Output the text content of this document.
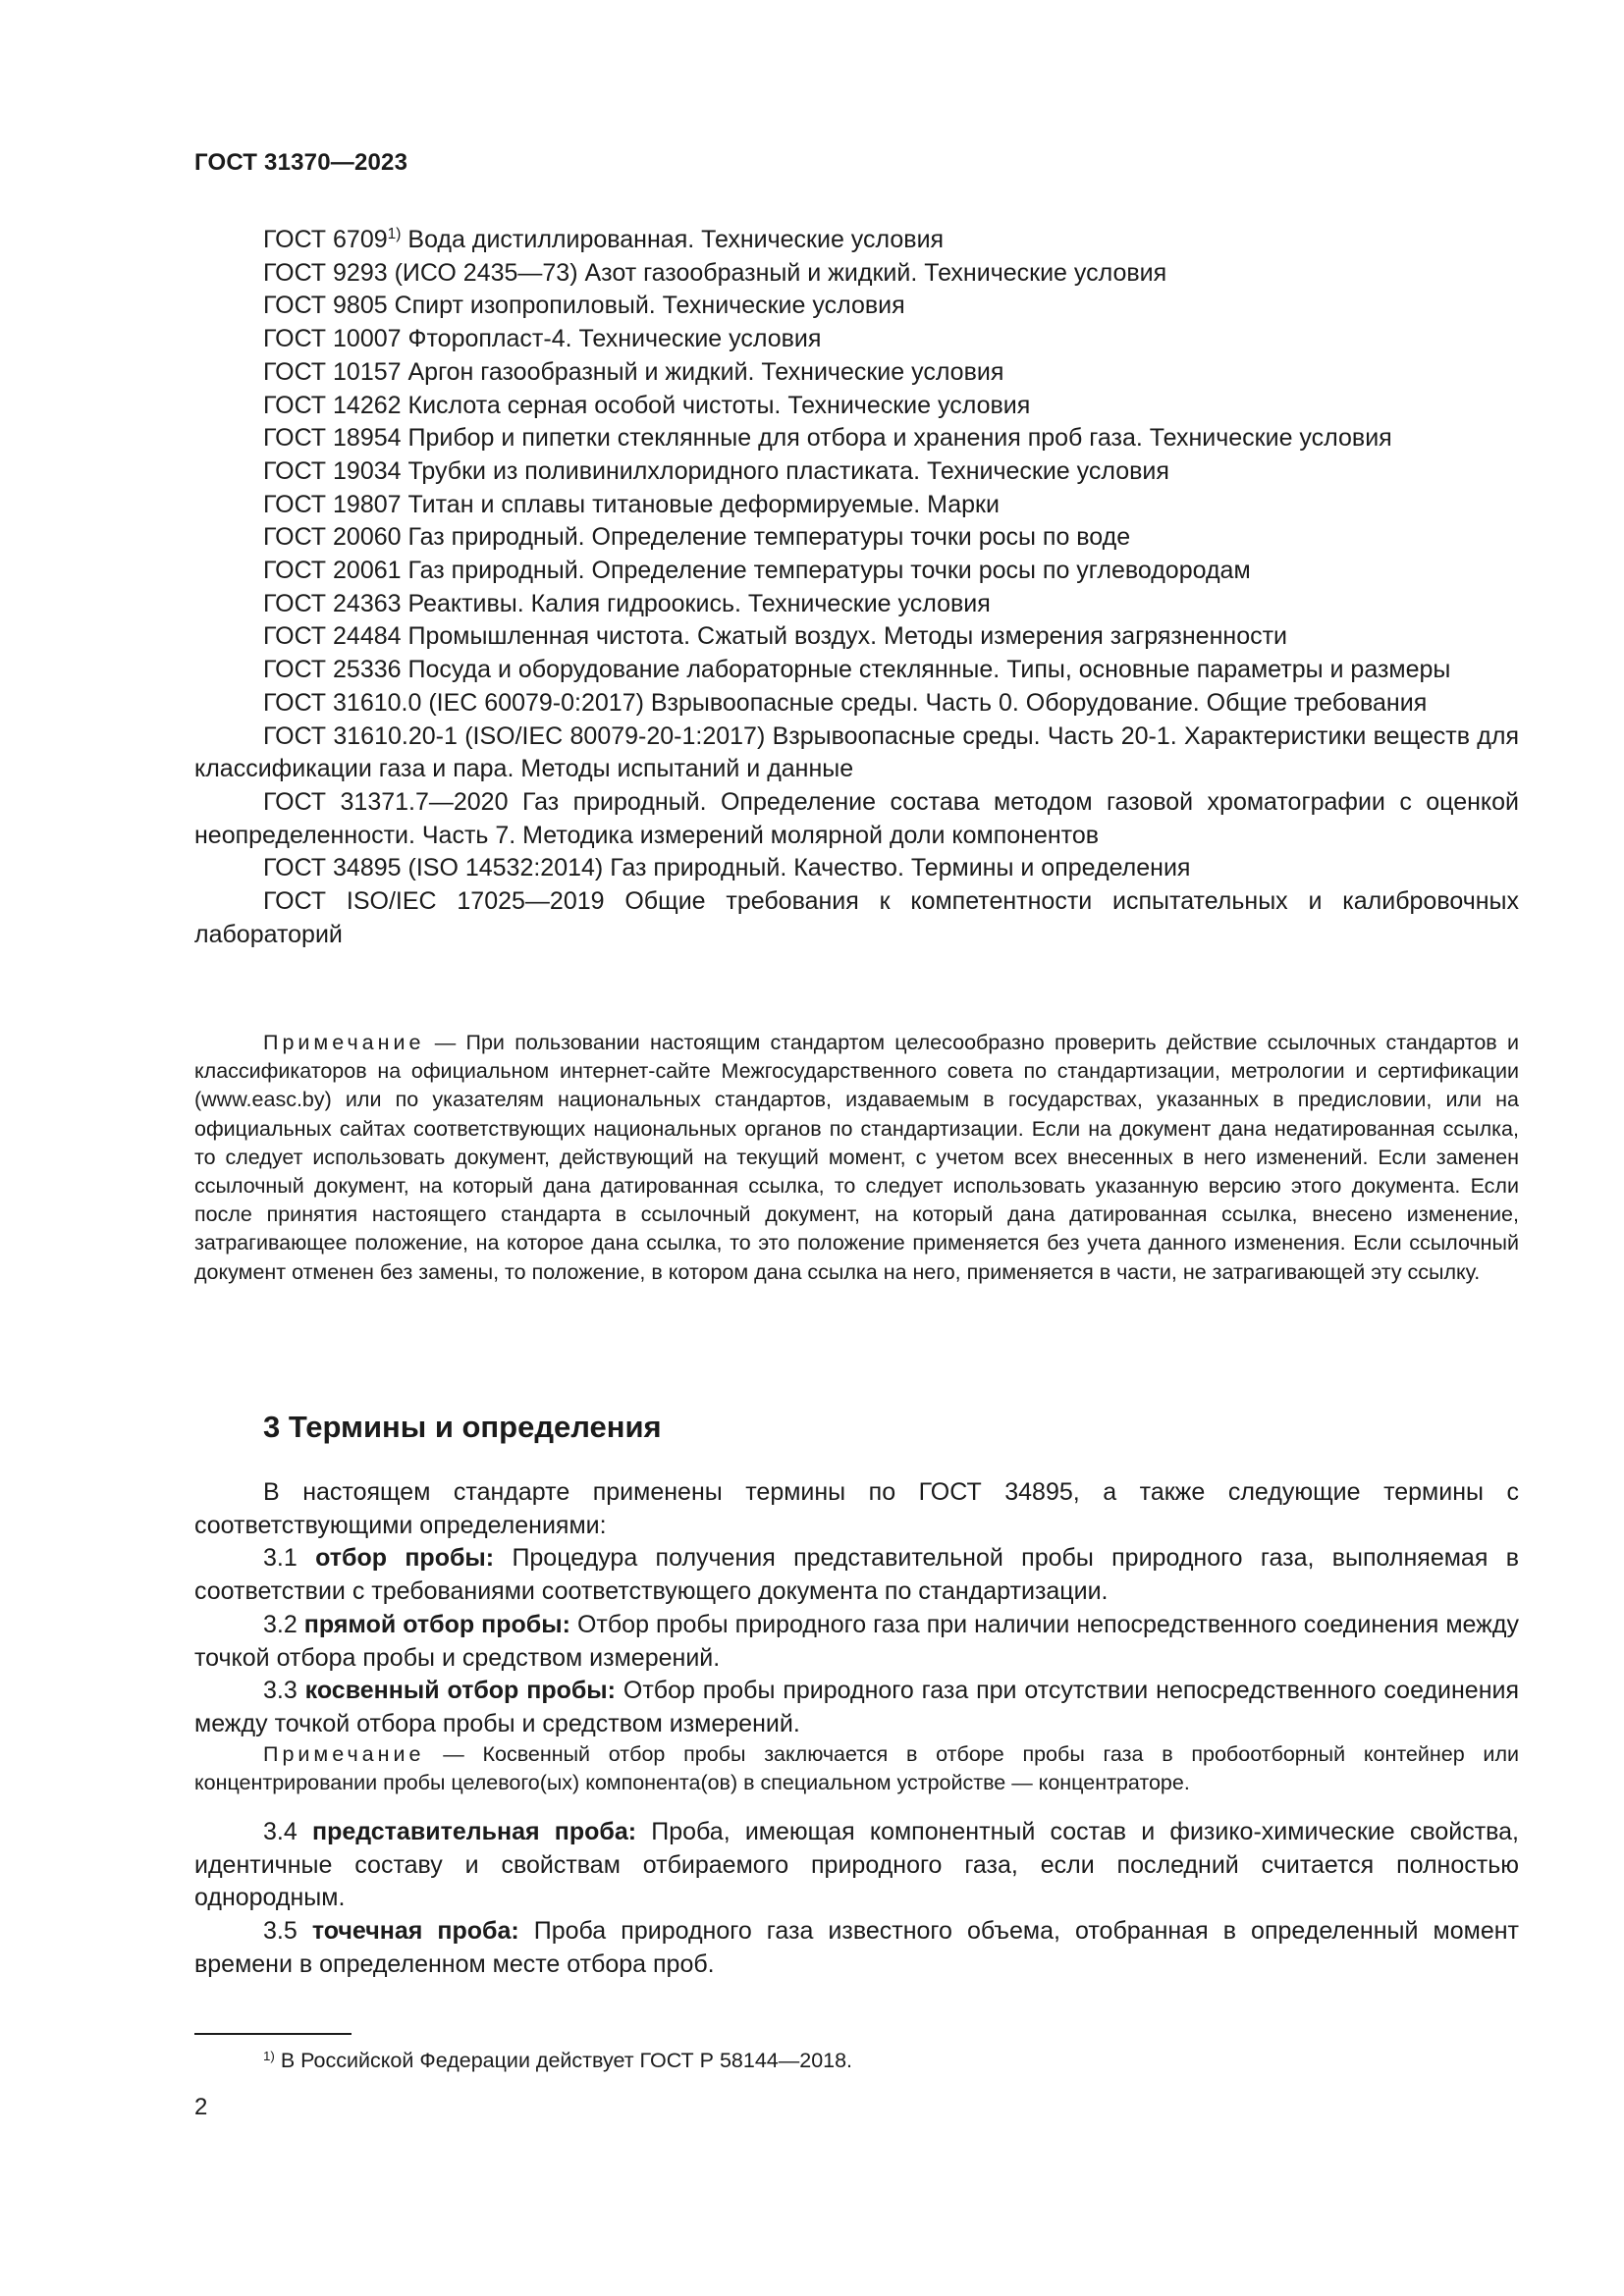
ГОСТ 31370—2023

ГОСТ 6709$^{1)}$ Вода дистиллированная. Технические условия

ГОСТ 9293 (ИСО 2435—73) Азот газообразный и жидкий. Технические условия

ГОСТ 9805 Спирт изопропиловый. Технические условия

ГОСТ 10007 Фторопласт-4. Технические условия

ГОСТ 10157 Аргон газообразный и жидкий. Технические условия

ГОСТ 14262 Кислота серная особой чистоты. Технические условия

ГОСТ 18954 Прибор и пипетки стеклянные для отбора и хранения проб газа. Технические условия

ГОСТ 19034 Трубки из поливинилхлоридного пластиката. Технические условия

ГОСТ 19807 Титан и сплавы титановые деформируемые. Марки

ГОСТ 20060 Газ природный. Определение температуры точки росы по воде

ГОСТ 20061 Газ природный. Определение температуры точки росы по углеводородам

ГОСТ 24363 Реактивы. Калия гидроокись. Технические условия

ГОСТ 24484 Промышленная чистота. Сжатый воздух. Методы измерения загрязненности

ГОСТ 25336 Посуда и оборудование лабораторные стеклянные. Типы, основные параметры и размеры

ГОСТ 31610.0 (IEC 60079-0:2017) Взрывоопасные среды. Часть 0. Оборудование. Общие требования

ГОСТ 31610.20-1 (ISO/IEC 80079-20-1:2017) Взрывоопасные среды. Часть 20-1. Характеристики веществ для классификации газа и пара. Методы испытаний и данные

ГОСТ 31371.7—2020 Газ природный. Определение состава методом газовой хроматографии с оценкой неопределенности. Часть 7. Методика измерений молярной доли компонентов

ГОСТ 34895 (ISO 14532:2014) Газ природный. Качество. Термины и определения

ГОСТ ISO/IEC 17025—2019 Общие требования к компетентности испытательных и калибровочных лабораторий

Примечание — При пользовании настоящим стандартом целесообразно проверить действие ссылочных стандартов и классификаторов на официальном интернет-сайте Межгосударственного совета по стандартизации, метрологии и сертификации (www.easc.by) или по указателям национальных стандартов, издаваемым в государствах, указанных в предисловии, или на официальных сайтах соответствующих национальных органов по стандартизации. Если на документ дана недатированная ссылка, то следует использовать документ, действующий на текущий момент, с учетом всех внесенных в него изменений. Если заменен ссылочный документ, на который дана датированная ссылка, то следует использовать указанную версию этого документа. Если после принятия настоящего стандарта в ссылочный документ, на который дана датированная ссылка, внесено изменение, затрагивающее положение, на которое дана ссылка, то это положение применяется без учета данного изменения. Если ссылочный документ отменен без замены, то положение, в котором дана ссылка на него, применяется в части, не затрагивающей эту ссылку.

3 Термины и определения

В настоящем стандарте применены термины по ГОСТ 34895, а также следующие термины с соответствующими определениями:

3.1 отбор пробы: Процедура получения представительной пробы природного газа, выполняемая в соответствии с требованиями соответствующего документа по стандартизации.

3.2 прямой отбор пробы: Отбор пробы природного газа при наличии непосредственного соединения между точкой отбора пробы и средством измерений.

3.3 косвенный отбор пробы: Отбор пробы природного газа при отсутствии непосредственного соединения между точкой отбора пробы и средством измерений.

Примечание — Косвенный отбор пробы заключается в отборе пробы газа в пробоотборный контейнер или концентрировании пробы целевого(ых) компонента(ов) в специальном устройстве — концентраторе.

3.4 представительная проба: Проба, имеющая компонентный состав и физико-химические свойства, идентичные составу и свойствам отбираемого природного газа, если последний считается полностью однородным.

3.5 точечная проба: Проба природного газа известного объема, отобранная в определенный момент времени в определенном месте отбора проб.

$^{1)}$ В Российской Федерации действует ГОСТ Р 58144—2018.
2
